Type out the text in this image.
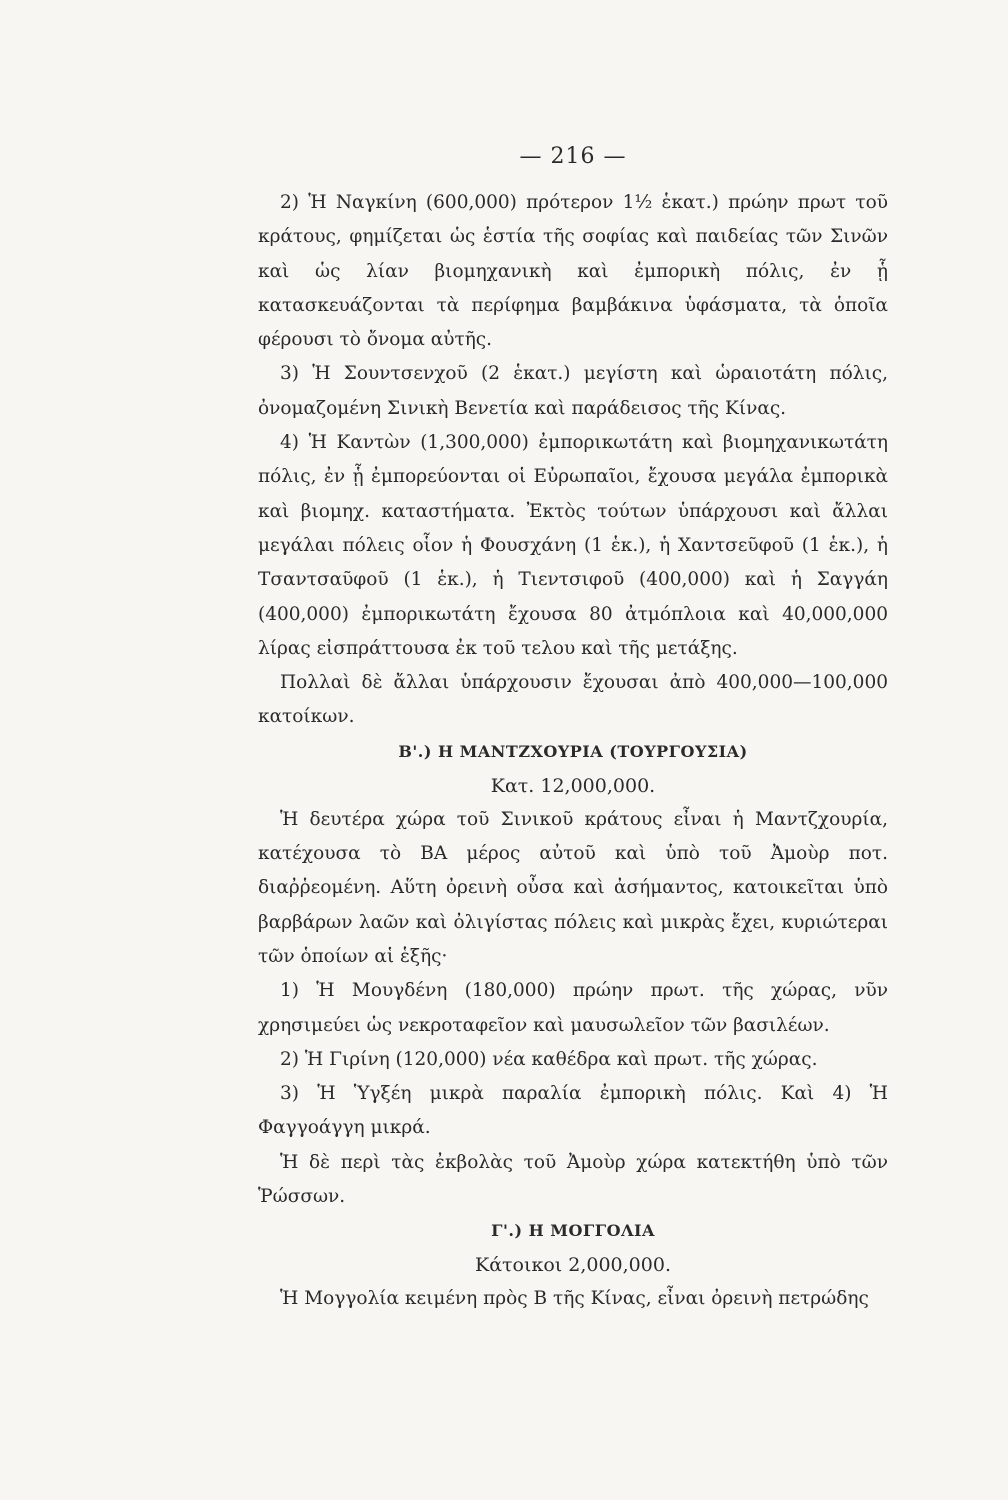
— 216 —

2) Ἡ Ναγκίνη (600,000) πρότερον 1½ ἑκατ.) πρώην πρωτ τοῦ κράτους, φημίζεται ὡς ἑστία τῆς σοφίας καὶ παιδείας τῶν Σινῶν καὶ ὡς λίαν βιομηχανικὴ καὶ ἐμπορικὴ πόλις, ἐν ᾗ κατασκευάζονται τὰ περίφημα βαμβάκινα ὑφάσματα, τὰ ὁποῖα φέρουσι τὸ ὄνομα αὐτῆς.

3) Ἡ Σουντσενχοῦ (2 ἑκατ.) μεγίστη καὶ ὡραιοτάτη πόλις, ὀνομαζομένη Σινικὴ Βενετία καὶ παράδεισος τῆς Κίνας.

4) Ἡ Καντὼν (1,300,000) ἐμπορικωτάτη καὶ βιομηχανικωτάτη πόλις, ἐν ᾗ ἐμπορεύονται οἱ Εὐρωπαῖοι, ἔχουσα μεγάλα ἐμπορικὰ καὶ βιομηχ. καταστήματα. Ἐκτὸς τούτων ὑπάρχουσι καὶ ἄλλαι μεγάλαι πόλεις οἷον ἡ Φουσχάνη (1 ἑκ.), ἡ Χαντσεῦφοῦ (1 ἑκ.), ἡ Τσαντσαῦφοῦ (1 ἑκ.), ἡ Τιεντσιφοῦ (400,000) καὶ ἡ Σαγγάη (400,000) ἐμπορικωτάτη ἔχουσα 80 ἀτμόπλοια καὶ 40,000,000 λίρας εἰσπράττουσα ἐκ τοῦ τελου καὶ τῆς μετάξης.

Πολλαὶ δὲ ἄλλαι ὑπάρχουσιν ἔχουσαι ἀπὸ 400,000—100,000 κατοίκων.

Β'.) Η ΜΑΝΤΖΧΟΥΡΙΑ (ΤΟΥΡΓΟΥΣΙΑ)
Κατ. 12,000,000.

Ἡ δευτέρα χώρα τοῦ Σινικοῦ κράτους εἶναι ἡ Μαντζχουρία, κατέχουσα τὸ ΒΑ μέρος αὐτοῦ καὶ ὑπὸ τοῦ Ἀμοὺρ ποτ. διαῤῥεομένη. Αὕτη ὀρεινὴ οὖσα καὶ ἀσήμαντος, κατοικεῖται ὑπὸ βαρβάρων λαῶν καὶ ὀλιγίστας πόλεις καὶ μικρὰς ἔχει, κυριώτεραι τῶν ὁποίων αἱ ἑξῆς·

1) Ἡ Μουγδένη (180,000) πρώην πρωτ. τῆς χώρας, νῦν χρησιμεύει ὡς νεκροταφεῖον καὶ μαυσωλεῖον τῶν βασιλέων.

2) Ἡ Γιρίνη (120,000) νέα καθέδρα καὶ πρωτ. τῆς χώρας.

3) Ἡ Ὑγξέη μικρὰ παραλία ἐμπορικὴ πόλις. Καὶ 4) Ἡ Φαγγοάγγη μικρά.

Ἡ δὲ περὶ τὰς ἐκβολὰς τοῦ Ἀμοὺρ χώρα κατεκτήθη ὑπὸ τῶν Ῥώσσων.

Γ'.) Η ΜΟΓΓΟΛΙΑ
Κάτοικοι 2,000,000.

Ἡ Μογγολία κειμένη πρὸς Β τῆς Κίνας, εἶναι ὀρεινὴ πετρώδης
